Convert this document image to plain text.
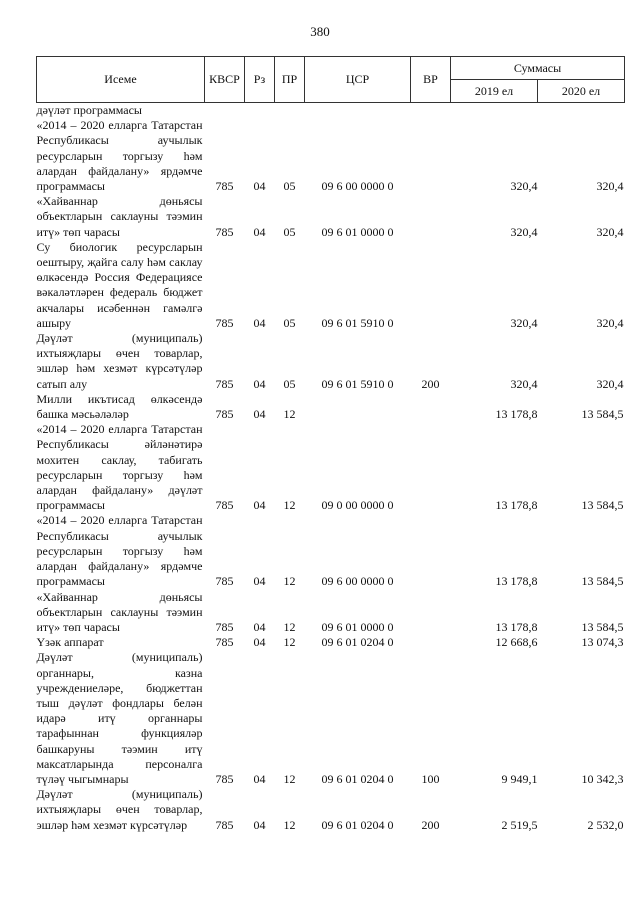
380
Исеме	КВСР	Рз	ПР	ЦСР	ВР	Суммасы	
						2019 ел	2020 ел
дәүләт программасы							
«2014 – 2020 елларга Татарстан Республикасы аучылык ресурсларын торгызу һәм алардан файдалану» ярдәмче программасы	785	04	05	09 6 00 0000 0		320,4	320,4
«Хайваннар дөньясы объектларын саклауны тәэмин итү» төп чарасы	785	04	05	09 6 01 0000 0		320,4	320,4
Су биологик ресурсларын оештыру, җайга салу һәм саклау өлкәсендә Россия Федерациясе вәкаләтләрен федераль бюджет акчалары исәбеннән гамәлгә ашыру	785	04	05	09 6 01 5910 0		320,4	320,4
Дәүләт (муниципаль) ихтыяҗлары өчен товарлар, эшләр һәм хезмәт күрсәтүләр сатып алу	785	04	05	09 6 01 5910 0	200	320,4	320,4
Милли икътисад өлкәсендә башка мәсьәләләр	785	04	12			13 178,8	13 584,5
«2014 – 2020 елларга Татарстан Республикасы әйләнәтирә мохитен саклау, табигать ресурсларын торгызу һәм алардан файдалану» дәүләт программасы	785	04	12	09 0 00 0000 0		13 178,8	13 584,5
«2014 – 2020 елларга Татарстан Республикасы аучылык ресурсларын торгызу һәм алардан файдалану» ярдәмче программасы	785	04	12	09 6 00 0000 0		13 178,8	13 584,5
«Хайваннар дөньясы объектларын саклауны тәэмин итү» төп чарасы	785	04	12	09 6 01 0000 0		13 178,8	13 584,5
Үзәк аппарат	785	04	12	09 6 01 0204 0		12 668,6	13 074,3
Дәүләт (муниципаль) органнары, казна учреждениеләре, бюджеттан тыш дәүләт фондлары белән идарә итү органнары тарафыннан функцияләр башкаруны тәэмин итү максатларында персоналга түләү чыгымнары	785	04	12	09 6 01 0204 0	100	9 949,1	10 342,3
Дәүләт (муниципаль) ихтыяҗлары өчен товарлар, эшләр һәм хезмәт күрсәтүләр	785	04	12	09 6 01 0204 0	200	2 519,5	2 532,0
